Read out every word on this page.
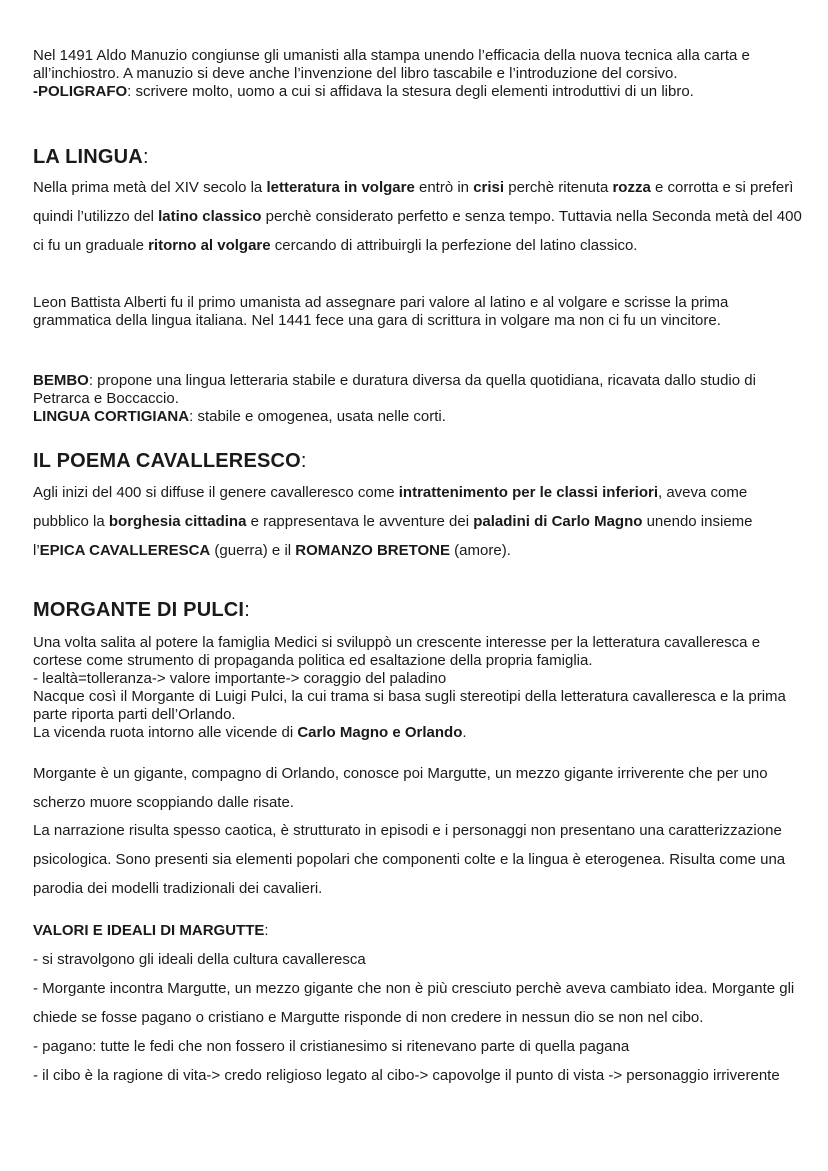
Nel 1491 Aldo Manuzio congiunse gli umanisti alla stampa unendo l’efficacia della nuova tecnica alla carta e all’inchiostro. A manuzio si deve anche l’invenzione del libro tascabile e l’introduzione del corsivo.

-POLIGRAFO: scrivere molto, uomo a cui si affidava la stesura degli elementi introduttivi di un libro.

LA LINGUA:

Nella prima metà del XIV secolo la letteratura in volgare entrò in crisi perchè ritenuta rozza e corrotta e si preferì quindi l’utilizzo del latino classico perchè considerato perfetto e senza tempo. Tuttavia nella Seconda metà del 400 ci fu un graduale ritorno al volgare cercando di attribuirgli la perfezione del latino classico.

Leon Battista Alberti fu il primo umanista ad assegnare pari valore al latino e al volgare e scrisse la prima grammatica della lingua italiana. Nel 1441 fece una gara di scrittura in volgare ma non ci fu un vincitore.

BEMBO: propone una lingua letteraria stabile e duratura diversa da quella quotidiana, ricavata dallo studio di Petrarca e Boccaccio.

LINGUA CORTIGIANA: stabile e omogenea, usata nelle corti.

IL POEMA CAVALLERESCO:

Agli inizi del 400 si diffuse il genere cavalleresco come intrattenimento per le classi inferiori, aveva come pubblico la borghesia cittadina e rappresentava le avventure dei paladini di Carlo Magno unendo insieme l’EPICA CAVALLERESCA (guerra) e il ROMANZO BRETONE (amore).

MORGANTE DI PULCI:

Una volta salita al potere la famiglia Medici si sviluppò un crescente interesse per la letteratura cavalleresca e cortese come strumento di propaganda politica ed esaltazione della propria famiglia.

- lealtà=tolleranza-> valore importante-> coraggio del paladino

Nacque così il Morgante di Luigi Pulci, la cui trama si basa sugli stereotipi della letteratura cavalleresca e la prima parte riporta parti dell’Orlando.

La vicenda ruota intorno alle vicende di Carlo Magno e Orlando.

Morgante è un gigante, compagno di Orlando, conosce poi Margutte, un mezzo gigante irriverente che per uno scherzo muore scoppiando dalle risate.

La narrazione risulta spesso caotica, è strutturato in episodi e i personaggi non presentano una caratterizzazione psicologica. Sono presenti sia elementi popolari che componenti colte e la lingua è eterogenea. Risulta come una parodia dei modelli tradizionali dei cavalieri.

VALORI E IDEALI DI MARGUTTE:

- si stravolgono gli ideali della cultura cavalleresca

- Morgante incontra Margutte, un mezzo gigante che non è più cresciuto perchè aveva cambiato idea. Morgante gli chiede se fosse pagano o cristiano e Margutte risponde di non credere in nessun dio se non nel cibo.

- pagano: tutte le fedi che non fossero il cristianesimo si ritenevano parte di quella pagana

- il cibo è la ragione di vita-> credo religioso legato al cibo-> capovolge il punto di vista -> personaggio irriverente
